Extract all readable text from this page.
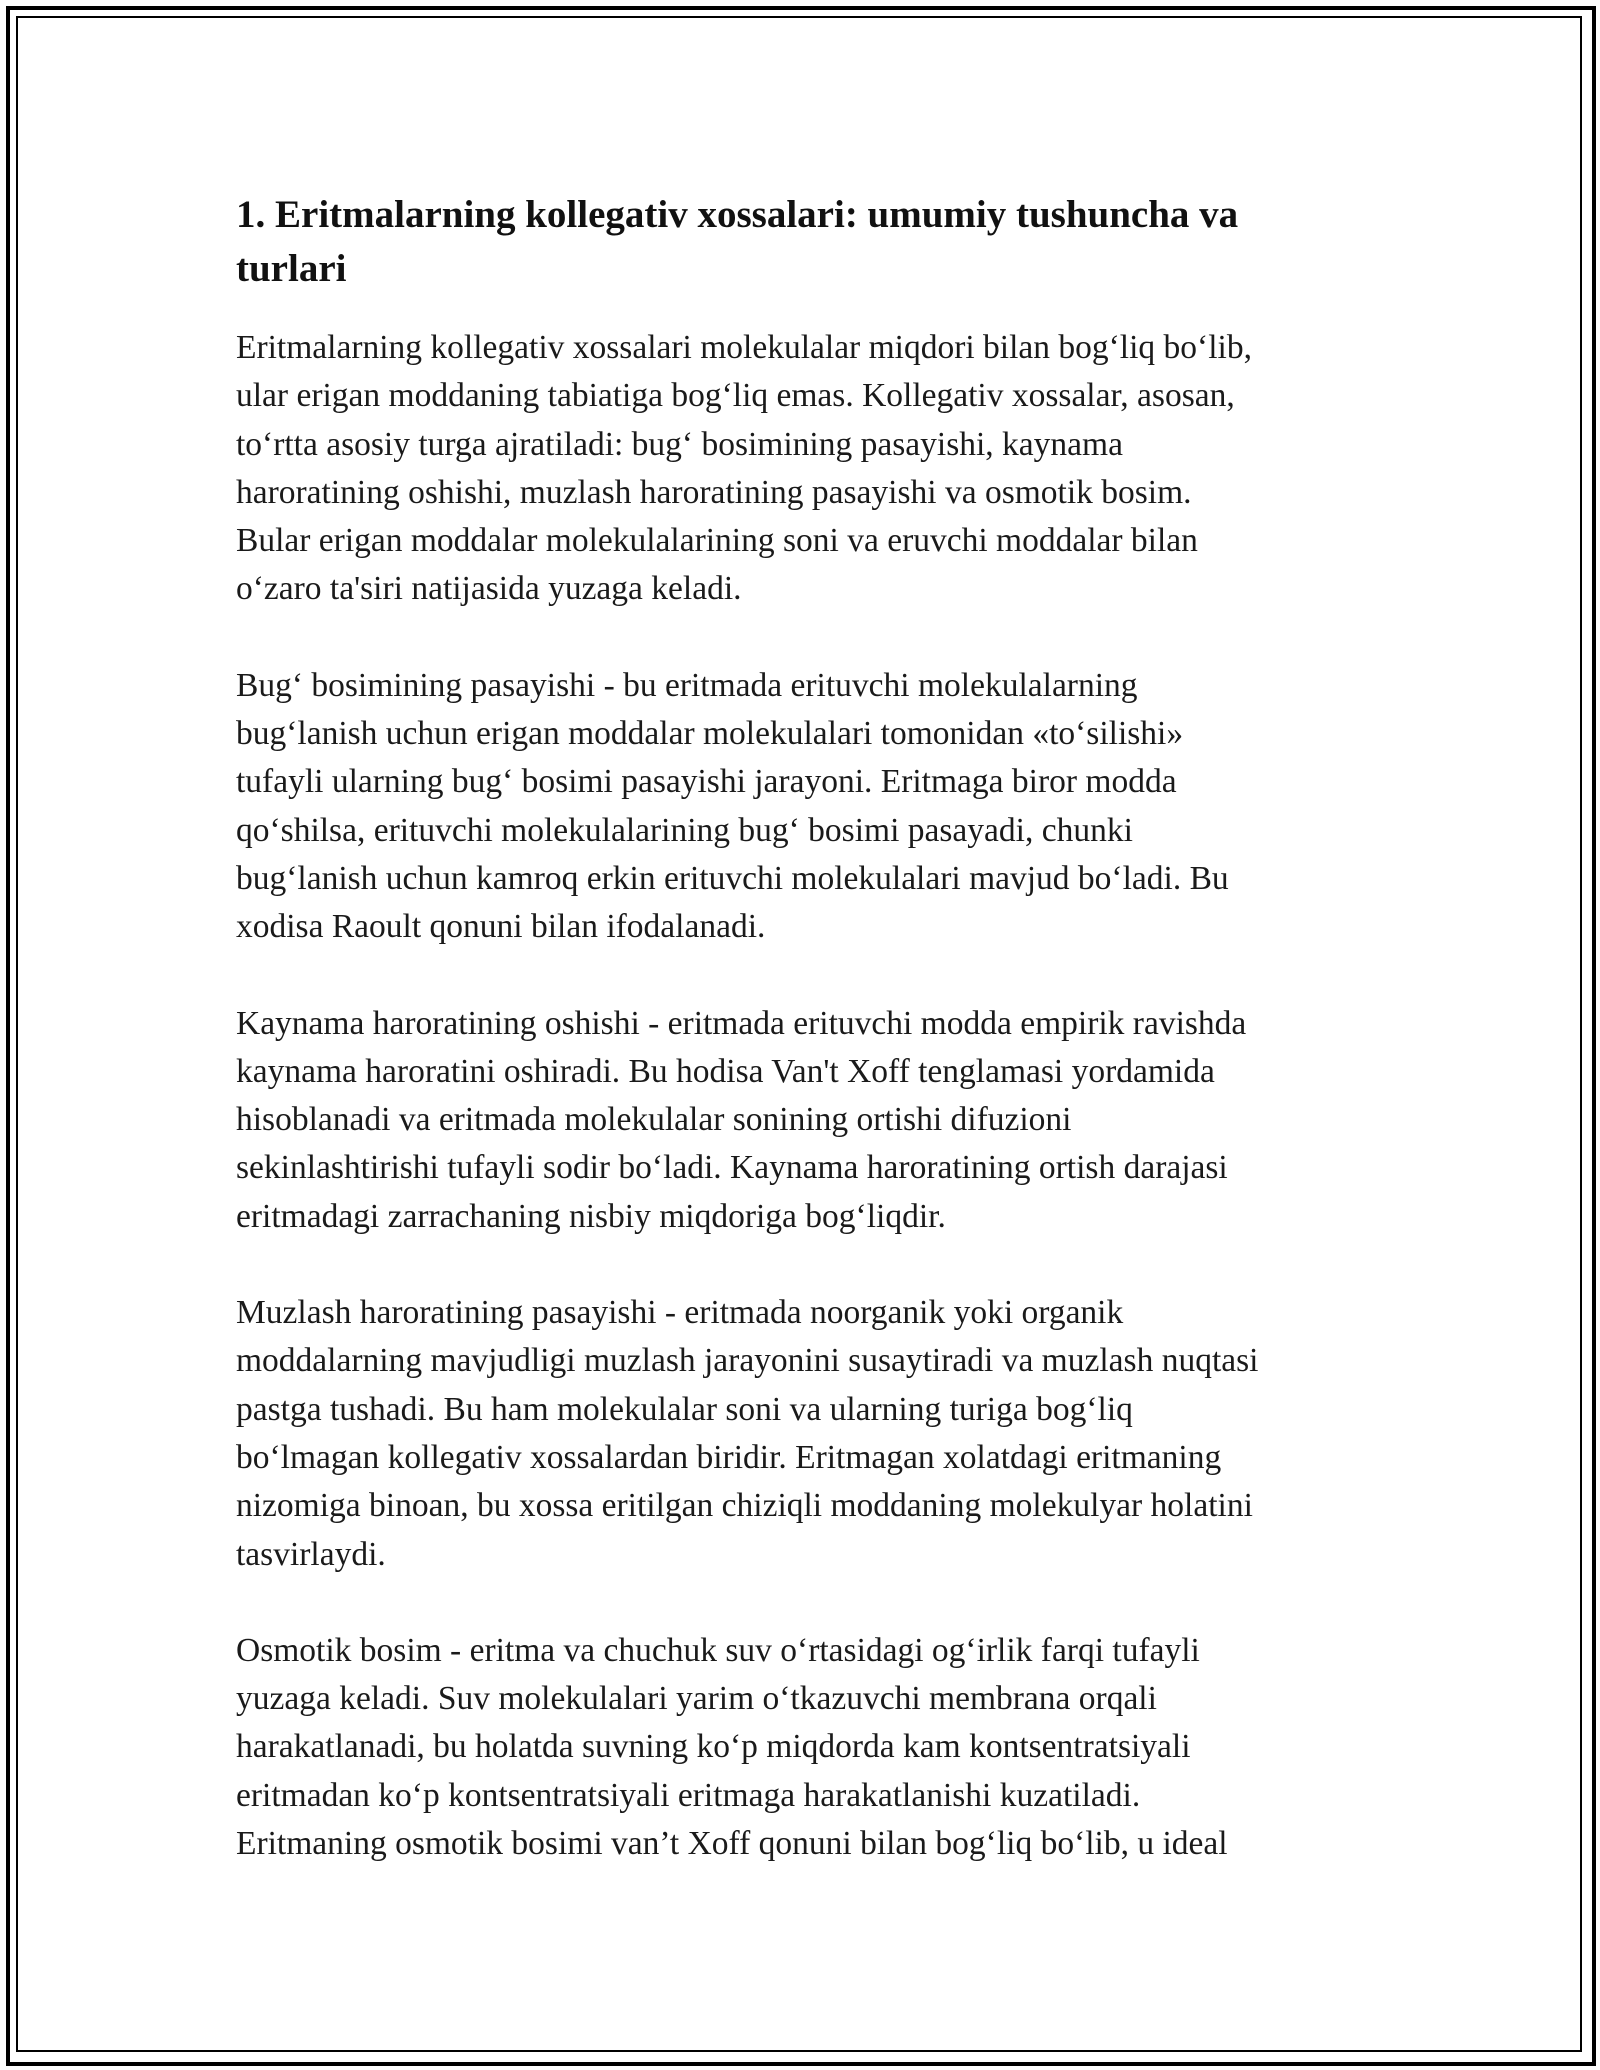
1. Eritmalarning kollegativ xossalari: umumiy tushuncha va
turlari

Eritmalarning kollegativ xossalari molekulalar miqdori bilan bog‘liq bo‘lib,
ular erigan moddaning tabiatiga bog‘liq emas. Kollegativ xossalar, asosan,
to‘rtta asosiy turga ajratiladi: bug‘ bosimining pasayishi, kaynama
haroratining oshishi, muzlash haroratining pasayishi va osmotik bosim.
Bular erigan moddalar molekulalarining soni va eruvchi moddalar bilan
o‘zaro ta'siri natijasida yuzaga keladi.

Bug‘ bosimining pasayishi - bu eritmada erituvchi molekulalarning
bug‘lanish uchun erigan moddalar molekulalari tomonidan «to‘silishi»
tufayli ularning bug‘ bosimi pasayishi jarayoni. Eritmaga biror modda
qo‘shilsa, erituvchi molekulalarining bug‘ bosimi pasayadi, chunki
bug‘lanish uchun kamroq erkin erituvchi molekulalari mavjud bo‘ladi. Bu
xodisa Raoult qonuni bilan ifodalanadi.

Kaynama haroratining oshishi - eritmada erituvchi modda empirik ravishda
kaynama haroratini oshiradi. Bu hodisa Van't Xoff tenglamasi yordamida
hisoblanadi va eritmada molekulalar sonining ortishi difuzioni
sekinlashtirishi tufayli sodir bo‘ladi. Kaynama haroratining ortish darajasi
eritmadagi zarrachaning nisbiy miqdoriga bog‘liqdir.

Muzlash haroratining pasayishi - eritmada noorganik yoki organik
moddalarning mavjudligi muzlash jarayonini susaytiradi va muzlash nuqtasi
pastga tushadi. Bu ham molekulalar soni va ularning turiga bog‘liq
bo‘lmagan kollegativ xossalardan biridir. Eritmagan xolatdagi eritmaning
nizomiga binoan, bu xossa eritilgan chiziqli moddaning molekulyar holatini
tasvirlaydi.

Osmotik bosim - eritma va chuchuk suv o‘rtasidagi og‘irlik farqi tufayli
yuzaga keladi. Suv molekulalari yarim o‘tkazuvchi membrana orqali
harakatlanadi, bu holatda suvning ko‘p miqdorda kam kontsentratsiyali
eritmadan ko‘p kontsentratsiyali eritmaga harakatlanishi kuzatiladi.
Eritmaning osmotik bosimi van’t Xoff qonuni bilan bog‘liq bo‘lib, u ideal
